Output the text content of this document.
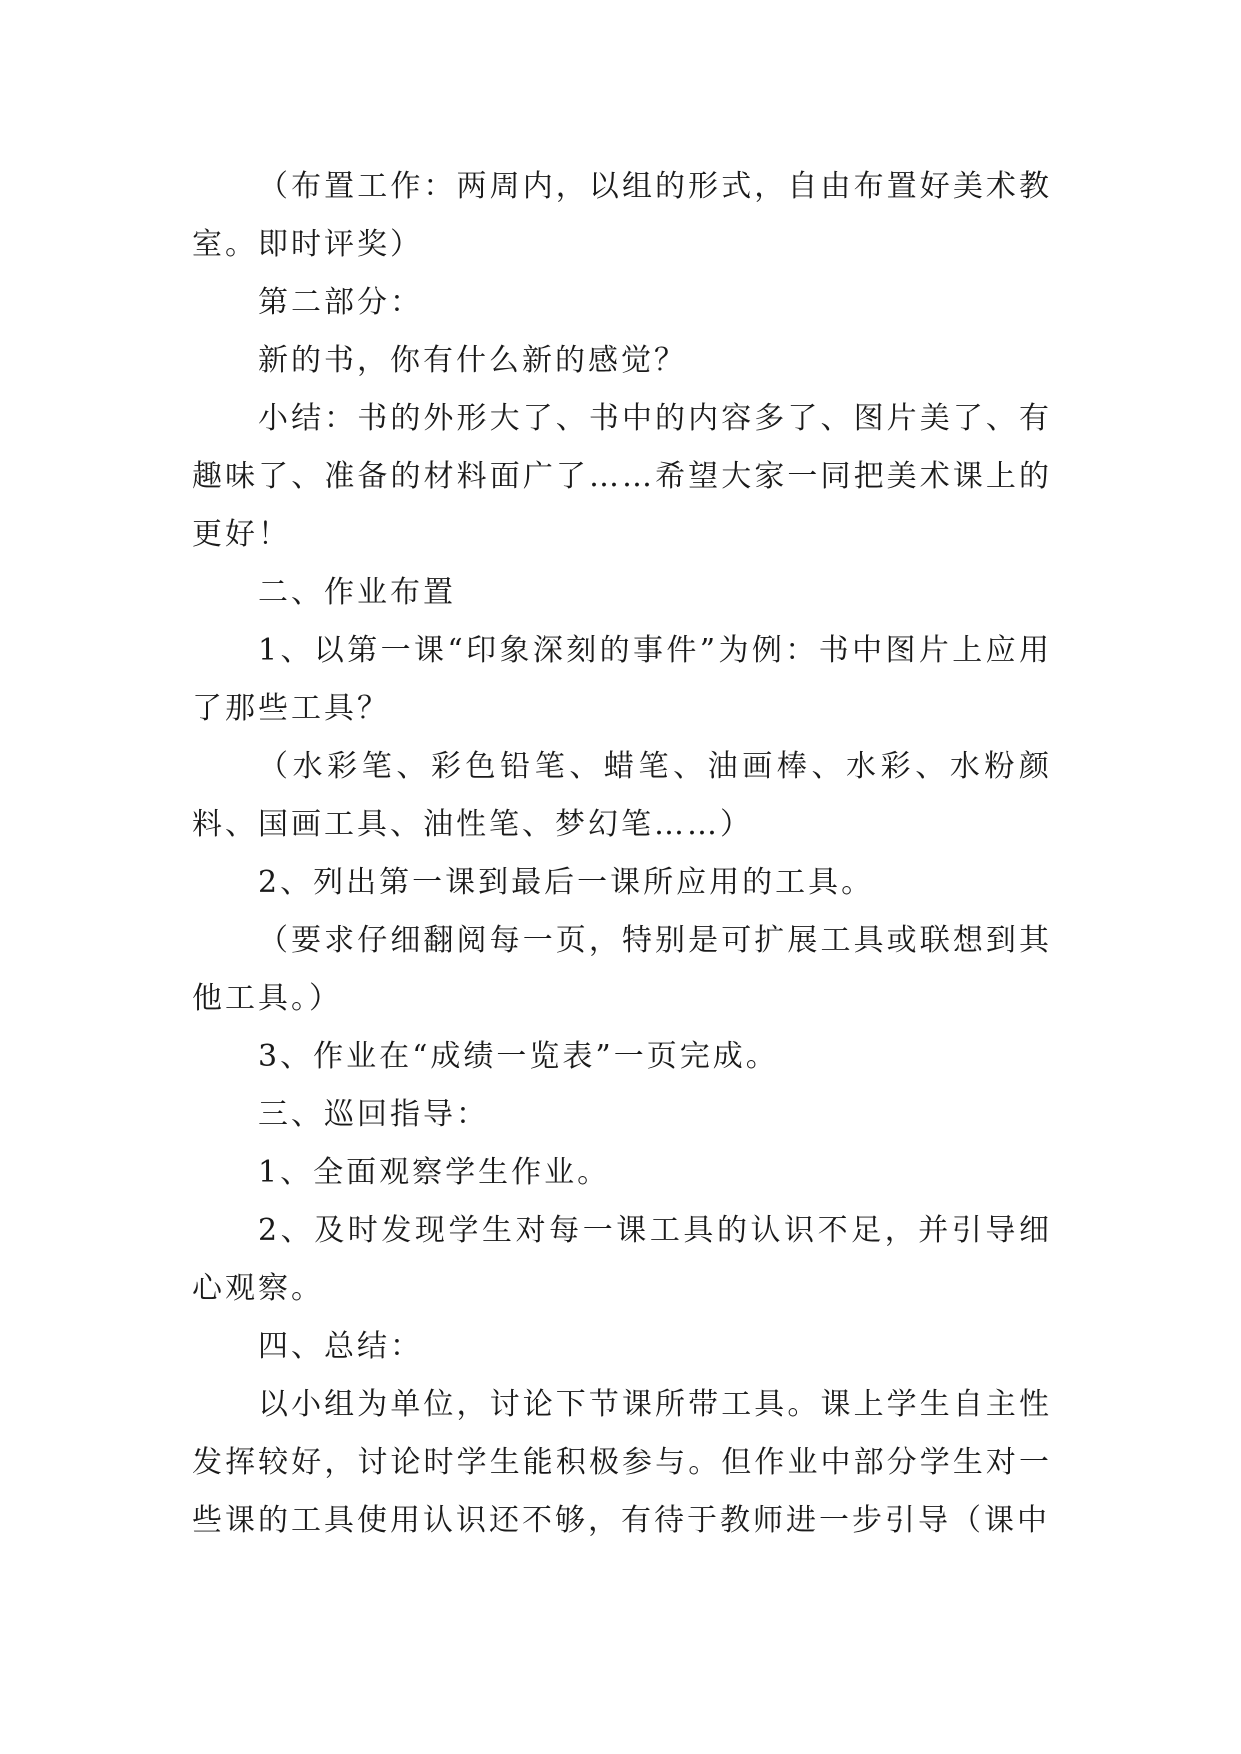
（布置工作：两周内，以组的形式，自由布置好美术教室。即时评奖）

第二部分：

新的书，你有什么新的感觉？

小结：书的外形大了、书中的内容多了、图片美了、有趣味了、准备的材料面广了……希望大家一同把美术课上的更好！

二、作业布置

1、以第一课“印象深刻的事件”为例：书中图片上应用了那些工具？

（水彩笔、彩色铅笔、蜡笔、油画棒、水彩、水粉颜料、国画工具、油性笔、梦幻笔……）

2、列出第一课到最后一课所应用的工具。

（要求仔细翻阅每一页，特别是可扩展工具或联想到其他工具。）

3、作业在“成绩一览表”一页完成。

三、巡回指导：

1、全面观察学生作业。

2、及时发现学生对每一课工具的认识不足，并引导细心观察。

四、总结：

以小组为单位，讨论下节课所带工具。课上学生自主性发挥较好，讨论时学生能积极参与。但作业中部分学生对一些课的工具使用认识还不够，有待于教师进一步引导（课中
